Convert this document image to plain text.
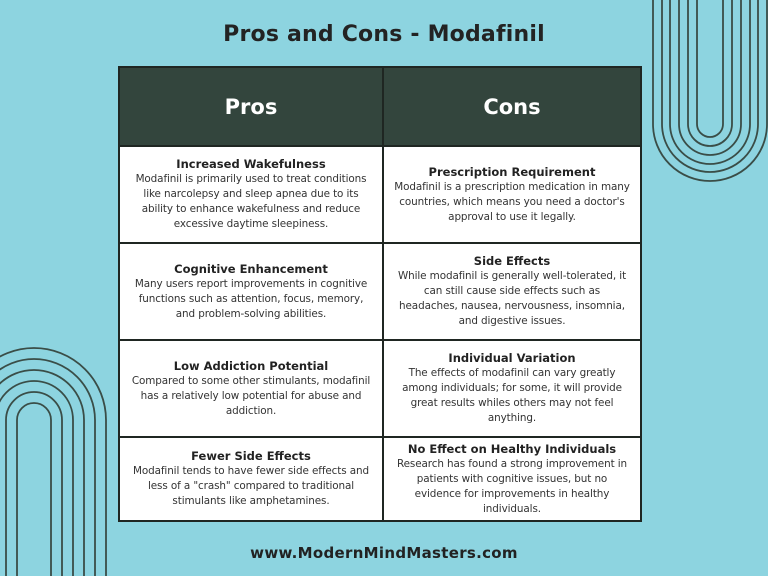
Pros and Cons - Modafinil
Pros	Cons
Increased Wakefulness
Modafinil is primarily used to treat conditions like narcolepsy and sleep apnea due to its ability to enhance wakefulness and reduce excessive daytime sleepiness.
Prescription Requirement
Modafinil is a prescription medication in many countries, which means you need a doctor's approval to use it legally.
Cognitive Enhancement
Many users report improvements in cognitive functions such as attention, focus, memory, and problem-solving abilities.
Side Effects
While modafinil is generally well-tolerated, it can still cause side effects such as headaches, nausea, nervousness, insomnia, and digestive issues.
Low Addiction Potential
Compared to some other stimulants, modafinil has a relatively low potential for abuse and addiction.
Individual Variation
The effects of modafinil can vary greatly among individuals; for some, it will provide great results whiles others may not feel anything.
Fewer Side Effects
Modafinil tends to have fewer side effects and less of a "crash" compared to traditional stimulants like amphetamines.
No Effect on Healthy Individuals
Research has found a strong improvement in patients with cognitive issues, but no evidence for improvements in healthy individuals.
www.ModernMindMasters.com
